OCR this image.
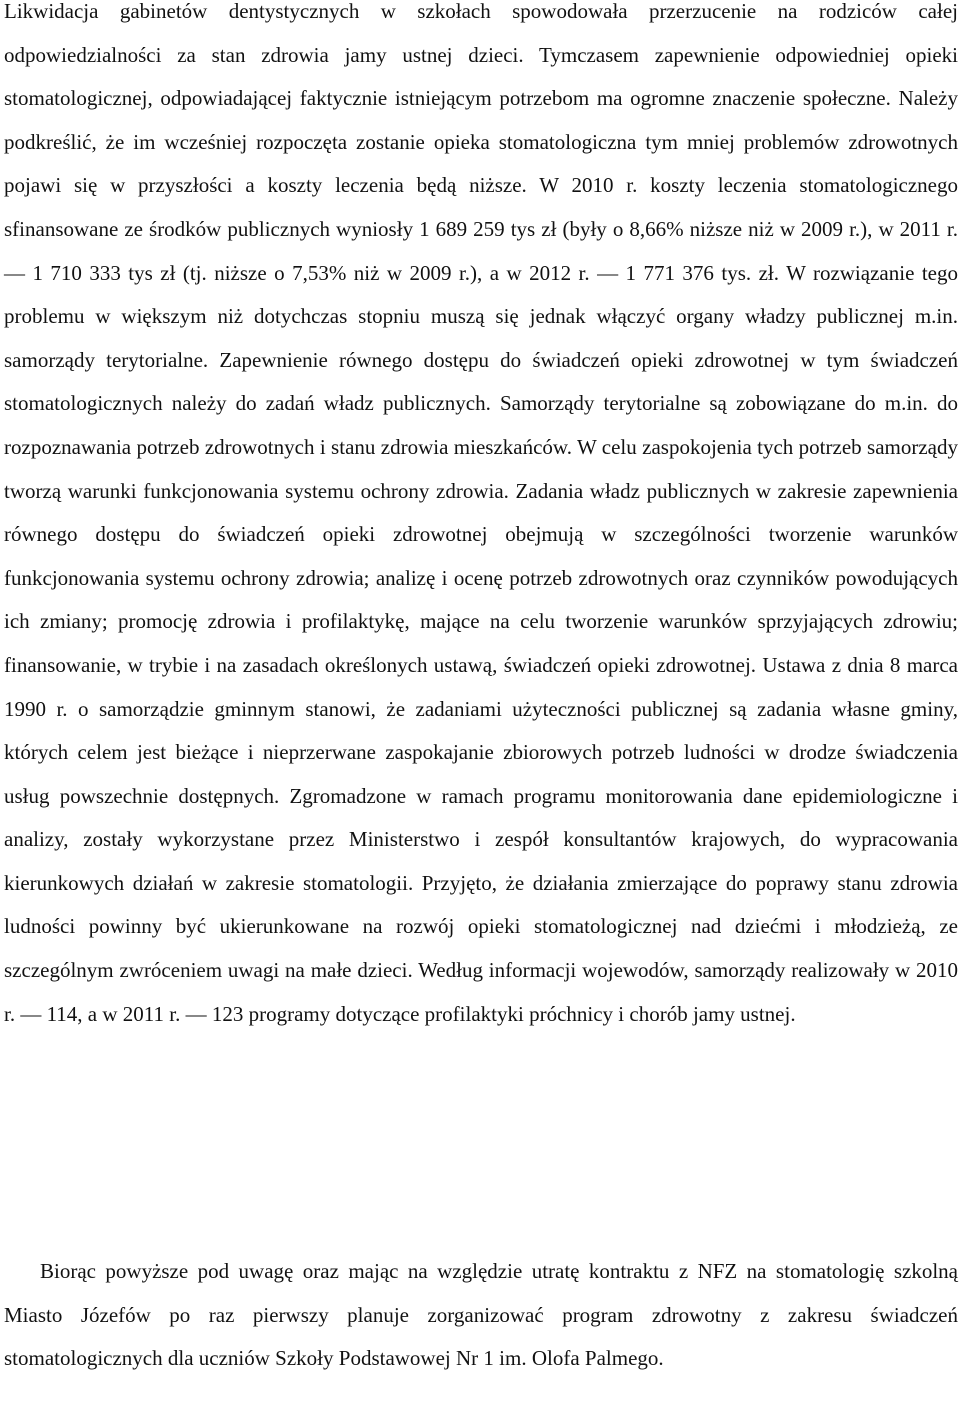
Likwidacja gabinetów dentystycznych w szkołach spowodowała przerzucenie na rodziców całej odpowiedzialności za stan zdrowia jamy ustnej dzieci. Tymczasem zapewnienie odpowiedniej opieki stomatologicznej, odpowiadającej faktycznie istniejącym potrzebom ma ogromne znaczenie społeczne. Należy podkreślić, że im wcześniej rozpoczęta zostanie opieka stomatologiczna tym mniej problemów zdrowotnych pojawi się w przyszłości a koszty leczenia będą niższe. W 2010 r. koszty leczenia stomatologicznego sfinansowane ze środków publicznych wyniosły 1 689 259 tys zł (były o 8,66% niższe niż w 2009 r.), w 2011 r. — 1 710 333 tys zł (tj. niższe o 7,53% niż w 2009 r.), a w 2012 r. — 1 771 376 tys. zł. W rozwiązanie tego problemu w większym niż dotychczas stopniu muszą się jednak włączyć organy władzy publicznej m.in. samorządy terytorialne. Zapewnienie równego dostępu do świadczeń opieki zdrowotnej w tym świadczeń stomatologicznych należy do zadań władz publicznych. Samorządy terytorialne są zobowiązane do m.in. do rozpoznawania potrzeb zdrowotnych i stanu zdrowia mieszkańców. W celu zaspokojenia tych potrzeb samorządy tworzą warunki funkcjonowania systemu ochrony zdrowia. Zadania władz publicznych w zakresie zapewnienia równego dostępu do świadczeń opieki zdrowotnej obejmują w szczególności tworzenie warunków funkcjonowania systemu ochrony zdrowia; analizę i ocenę potrzeb zdrowotnych oraz czynników powodujących ich zmiany; promocję zdrowia i profilaktykę, mające na celu tworzenie warunków sprzyjających zdrowiu; finansowanie, w trybie i na zasadach określonych ustawą, świadczeń opieki zdrowotnej. Ustawa z dnia 8 marca 1990 r. o samorządzie gminnym stanowi, że zadaniami użyteczności publicznej są zadania własne gminy, których celem jest bieżące i nieprzerwane zaspokajanie zbiorowych potrzeb ludności w drodze świadczenia usług powszechnie dostępnych. Zgromadzone w ramach programu monitorowania dane epidemiologiczne i analizy, zostały wykorzystane przez Ministerstwo i zespół konsultantów krajowych, do wypracowania kierunkowych działań w zakresie stomatologii. Przyjęto, że działania zmierzające do poprawy stanu zdrowia ludności powinny być ukierunkowane na rozwój opieki stomatologicznej nad dziećmi i młodzieżą, ze szczególnym zwróceniem uwagi na małe dzieci. Według informacji wojewodów, samorządy realizowały w 2010 r. — 114, a w 2011 r. — 123 programy dotyczące profilaktyki próchnicy i chorób jamy ustnej.

Biorąc powyższe pod uwagę oraz mając na względzie utratę kontraktu z NFZ na stomatologię szkolną Miasto Józefów po raz pierwszy planuje zorganizować program zdrowotny z zakresu świadczeń stomatologicznych dla uczniów Szkoły Podstawowej Nr 1 im. Olofa Palmego.
